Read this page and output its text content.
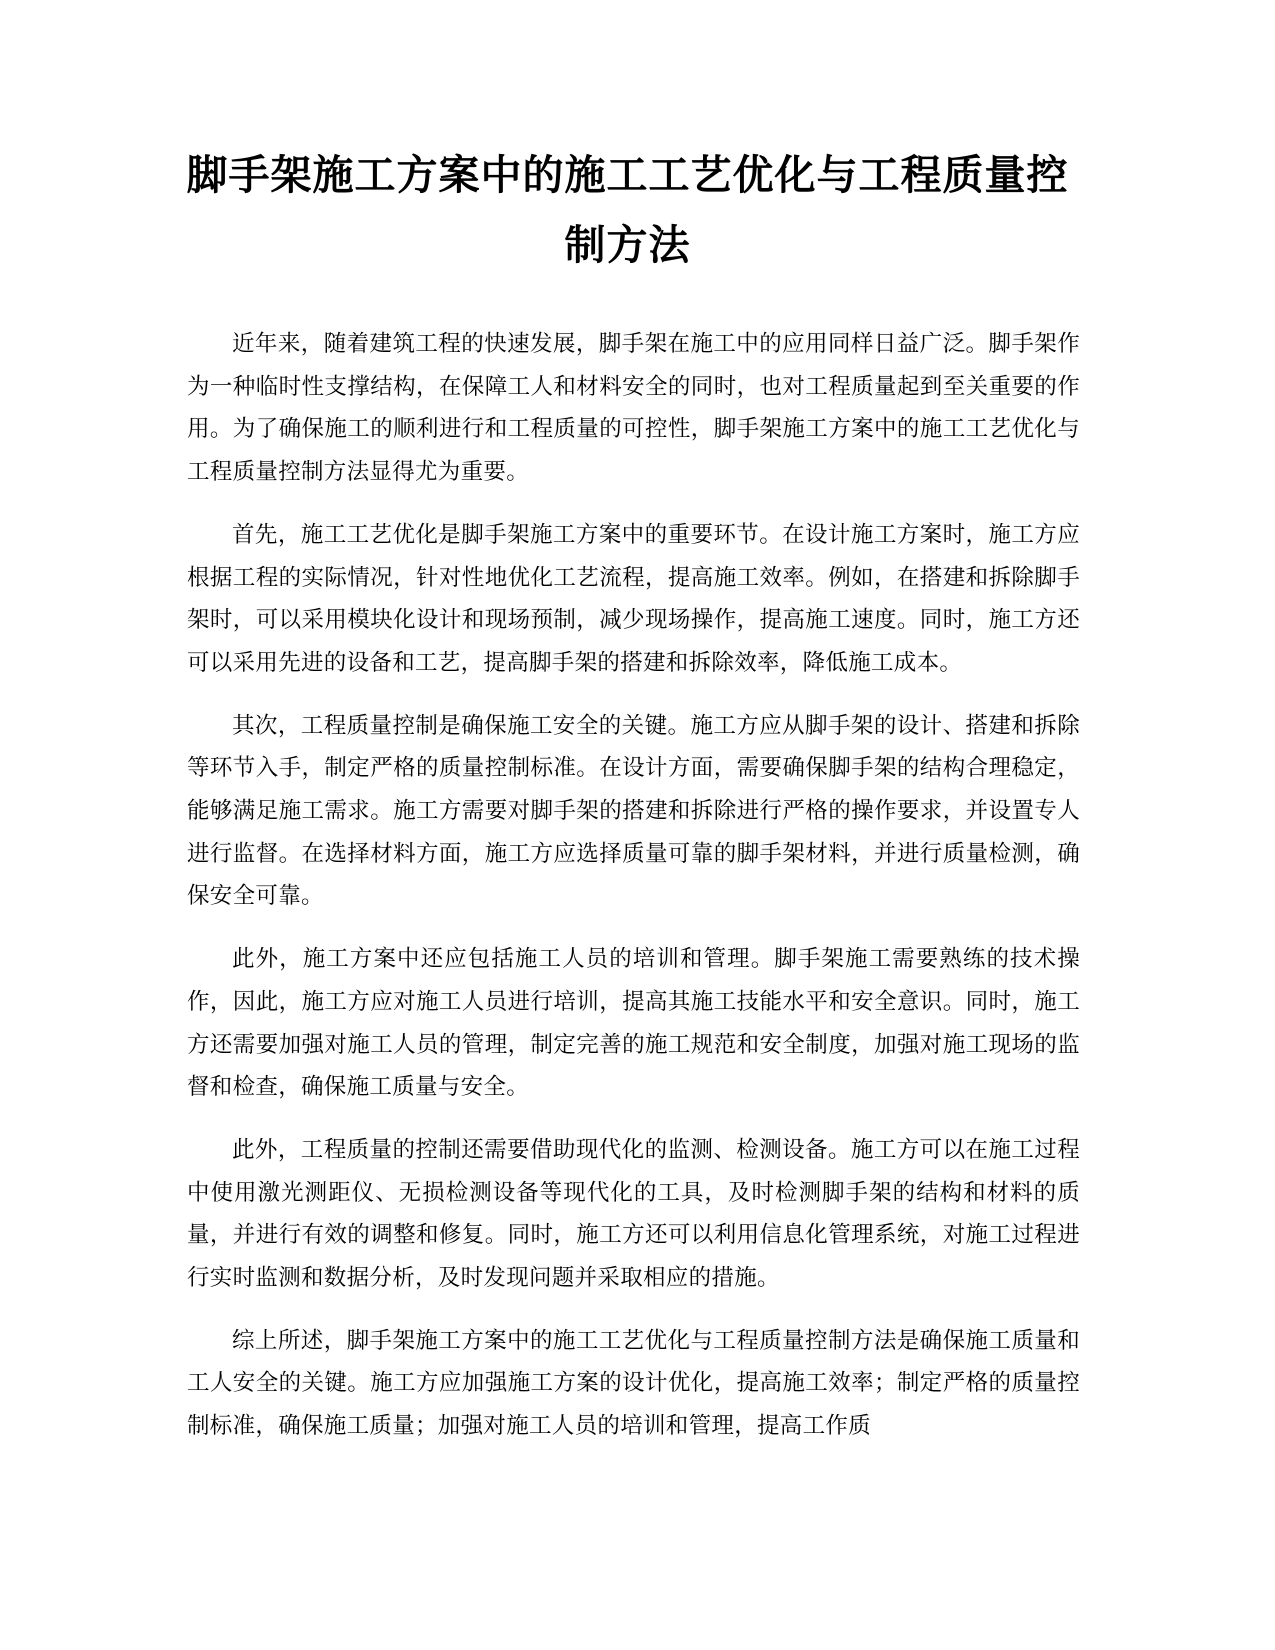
脚手架施工方案中的施工工艺优化与工程质量控制方法

近年来，随着建筑工程的快速发展，脚手架在施工中的应用同样日益广泛。脚手架作为一种临时性支撑结构，在保障工人和材料安全的同时，也对工程质量起到至关重要的作用。为了确保施工的顺利进行和工程质量的可控性，脚手架施工方案中的施工工艺优化与工程质量控制方法显得尤为重要。

首先，施工工艺优化是脚手架施工方案中的重要环节。在设计施工方案时，施工方应根据工程的实际情况，针对性地优化工艺流程，提高施工效率。例如，在搭建和拆除脚手架时，可以采用模块化设计和现场预制，减少现场操作，提高施工速度。同时，施工方还可以采用先进的设备和工艺，提高脚手架的搭建和拆除效率，降低施工成本。

其次，工程质量控制是确保施工安全的关键。施工方应从脚手架的设计、搭建和拆除等环节入手，制定严格的质量控制标准。在设计方面，需要确保脚手架的结构合理稳定，能够满足施工需求。施工方需要对脚手架的搭建和拆除进行严格的操作要求，并设置专人进行监督。在选择材料方面，施工方应选择质量可靠的脚手架材料，并进行质量检测，确保安全可靠。

此外，施工方案中还应包括施工人员的培训和管理。脚手架施工需要熟练的技术操作，因此，施工方应对施工人员进行培训，提高其施工技能水平和安全意识。同时，施工方还需要加强对施工人员的管理，制定完善的施工规范和安全制度，加强对施工现场的监督和检查，确保施工质量与安全。

此外，工程质量的控制还需要借助现代化的监测、检测设备。施工方可以在施工过程中使用激光测距仪、无损检测设备等现代化的工具，及时检测脚手架的结构和材料的质量，并进行有效的调整和修复。同时，施工方还可以利用信息化管理系统，对施工过程进行实时监测和数据分析，及时发现问题并采取相应的措施。

综上所述，脚手架施工方案中的施工工艺优化与工程质量控制方法是确保施工质量和工人安全的关键。施工方应加强施工方案的设计优化，提高施工效率；制定严格的质量控制标准，确保施工质量；加强对施工人员的培训和管理，提高工作质
